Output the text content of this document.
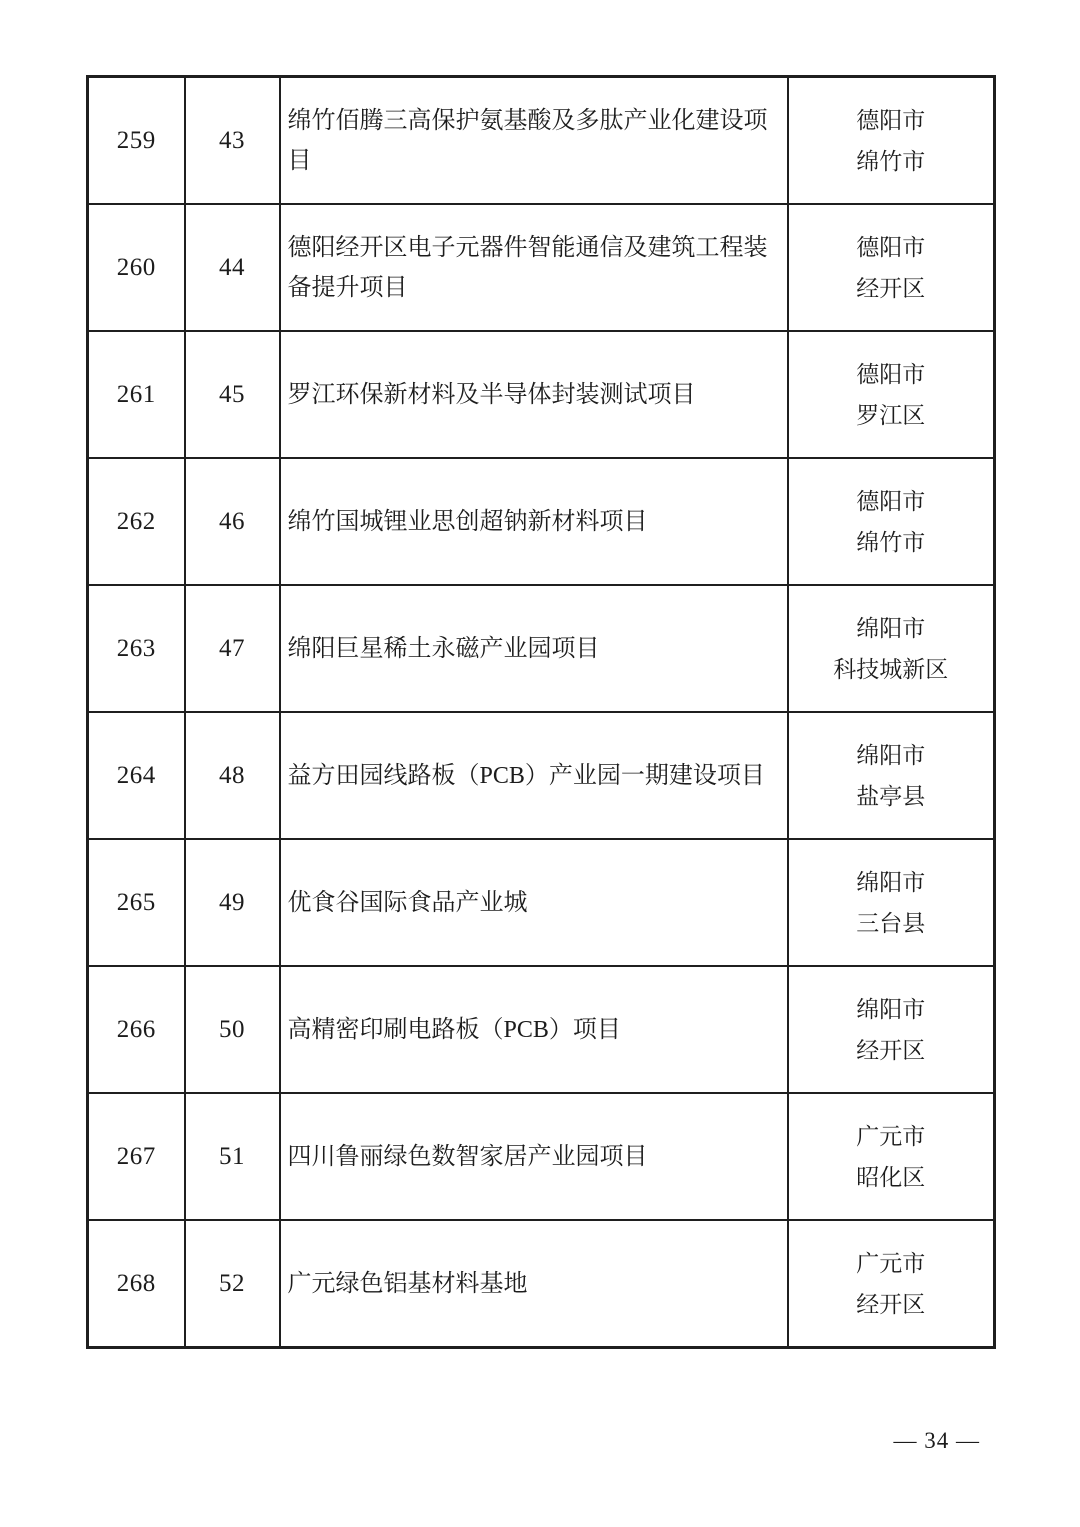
259	43	绵竹佰腾三高保护氨基酸及多肽产业化建设项目	德阳市
绵竹市

260	44	德阳经开区电子元器件智能通信及建筑工程装备提升项目	德阳市
经开区

261	45	罗江环保新材料及半导体封装测试项目	德阳市
罗江区

262	46	绵竹国城锂业思创超钠新材料项目	德阳市
绵竹市

263	47	绵阳巨星稀土永磁产业园项目	绵阳市
科技城新区

264	48	益方田园线路板（PCB）产业园一期建设项目	绵阳市
盐亭县

265	49	优食谷国际食品产业城	绵阳市
三台县

266	50	高精密印刷电路板（PCB）项目	绵阳市
经开区

267	51	四川鲁丽绿色数智家居产业园项目	广元市
昭化区

268	52	广元绿色铝基材料基地	广元市
经开区
— 34 —
